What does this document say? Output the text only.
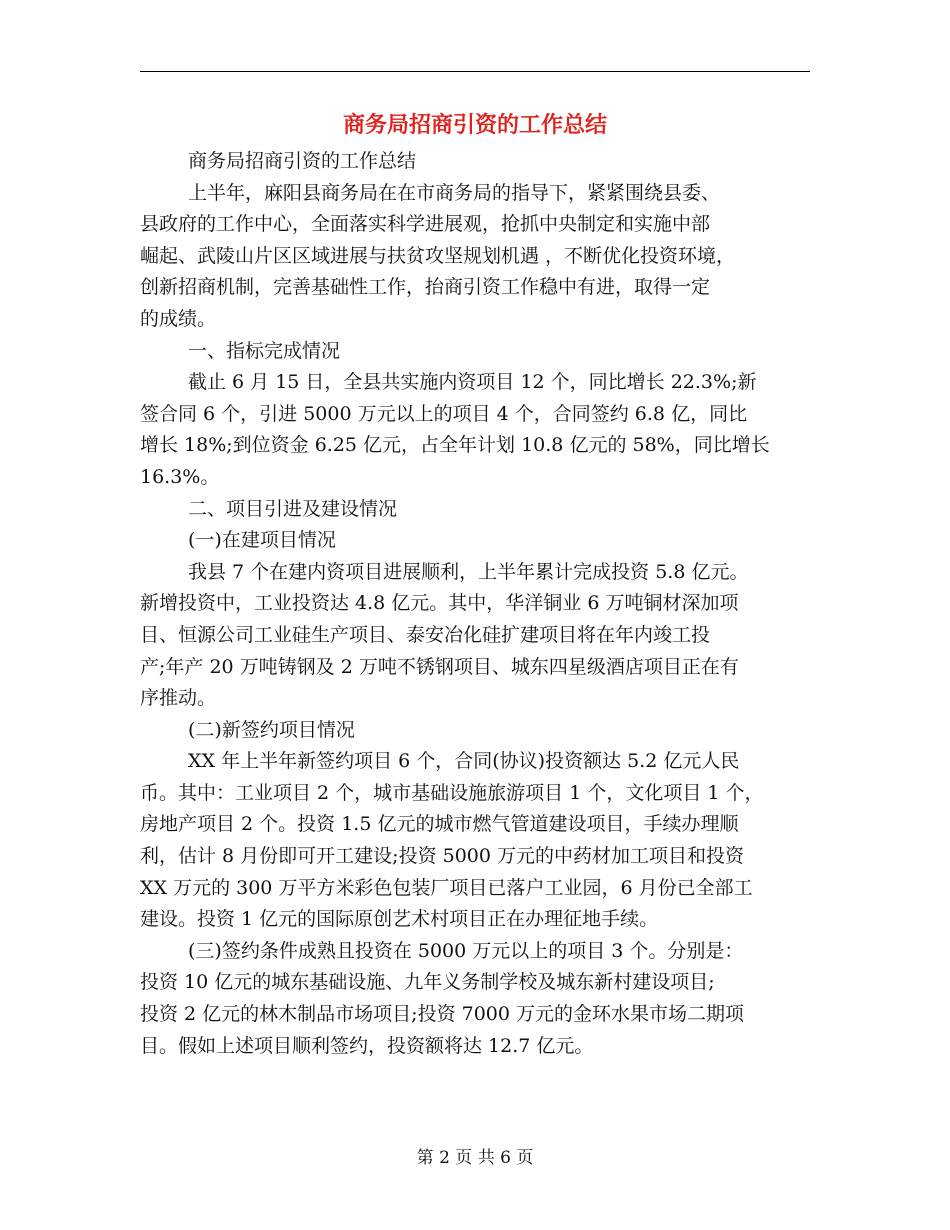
商务局招商引资的工作总结
商务局招商引资的工作总结
上半年，麻阳县商务局在在市商务局的指导下，紧紧围绕县委、
县政府的工作中心，全面落实科学进展观，抢抓中央制定和实施中部
崛起、武陵山片区区域进展与扶贫攻坚规划机遇 ，不断优化投资环境，
创新招商机制，完善基础性工作，抬商引资工作稳中有进，取得一定
的成绩。
一、指标完成情况
截止 6 月 15 日，全县共实施内资项目 12 个，同比增长 22.3%;新
签合同 6 个，引进 5000 万元以上的项目 4 个，合同签约 6.8 亿，同比
增长 18%;到位资金 6.25 亿元，占全年计划 10.8 亿元的 58%，同比增长
16.3%。
二、项目引进及建设情况
(一)在建项目情况
我县 7 个在建内资项目进展顺利，上半年累计完成投资 5.8 亿元。
新增投资中，工业投资达 4.8 亿元。其中，华洋铜业 6 万吨铜材深加项
目、恒源公司工业硅生产项目、泰安冶化硅扩建项目将在年内竣工投
产;年产 20 万吨铸钢及 2 万吨不锈钢项目、城东四星级酒店项目正在有
序推动。
(二)新签约项目情况
XX 年上半年新签约项目 6 个，合同(协议)投资额达 5.2 亿元人民
币。其中：工业项目 2 个，城市基础设施旅游项目 1 个，文化项目 1 个，
房地产项目 2 个。投资 1.5 亿元的城市燃气管道建设项目，手续办理顺
利，估计 8 月份即可开工建设;投资 5000 万元的中药材加工项目和投资
XX 万元的 300 万平方米彩色包装厂项目已落户工业园，6 月份已全部工
建设。投资 1 亿元的国际原创艺术村项目正在办理征地手续。
(三)签约条件成熟且投资在 5000 万元以上的项目 3 个。分别是：
投资 10 亿元的城东基础设施、九年义务制学校及城东新村建设项目;
投资 2 亿元的林木制品市场项目;投资 7000 万元的金环水果市场二期项
目。假如上述项目顺利签约，投资额将达 12.7 亿元。
第 2 页 共 6 页
